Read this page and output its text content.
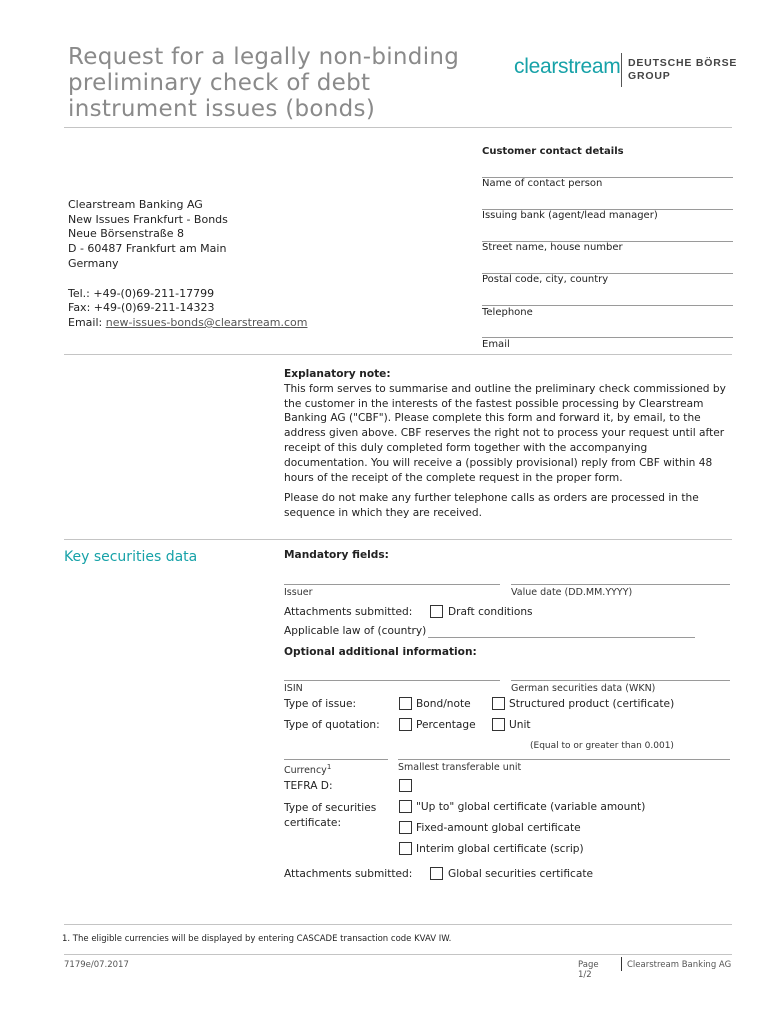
Request for a legally non-binding preliminary check of debt instrument issues (bonds)
clearstream DEUTSCHE BÖRSE
GROUP
Customer contact details
Name of contact person
Issuing bank (agent/lead manager)
Street name, house number
Postal code, city, country
Telephone
Email
Clearstream Banking AG
New Issues Frankfurt - Bonds
Neue Börsenstraße 8
D - 60487 Frankfurt am Main
Germany
Tel.: +49-(0)69-211-17799
Fax: +49-(0)69-211-14323
Email: new-issues-bonds@clearstream.com
Explanatory note:
This form serves to summarise and outline the preliminary check commissioned by the customer in the interests of the fastest possible processing by Clearstream Banking AG ("CBF"). Please complete this form and forward it, by email, to the address given above. CBF reserves the right not to process your request until after receipt of this duly completed form together with the accompanying documentation. You will receive a (possibly provisional) reply from CBF within 48 hours of the receipt of the complete request in the proper form.
Please do not make any further telephone calls as orders are processed in the sequence in which they are received.
Key securities data	Mandatory fields:
Issuer	Value date (DD.MM.YYYY)
Attachments submitted:	Draft conditions
Applicable law of (country)
Optional additional information:
ISIN	German securities data (WKN)
Type of issue:	Bond/note	Structured product (certificate)
Type of quotation:	Percentage	Unit
(Equal to or greater than 0.001)
Currency$^1$	Smallest transferable unit
TEFRA D:
Type of securities
certificate:
"Up to" global certificate (variable amount)
Fixed-amount global certificate
Interim global certificate (scrip)
Attachments submitted:	Global securities certificate
1. The eligible currencies will be displayed by entering CASCADE transaction code KVAV IW.
7179e/07.2017	Page 1/2
Clearstream Banking AG
